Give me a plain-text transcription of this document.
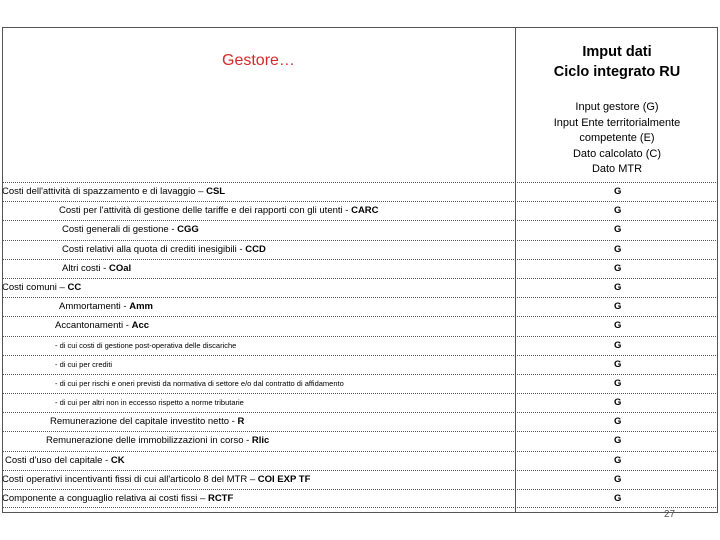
Gestore…	Imput dati
Ciclo integrato RU
Input gestore (G)
Input Ente territorialmente
competente (E)
Dato calcolato (C)
Dato MTR
Costi dell'attività di spazzamento e di lavaggio – CSL	G
Costi per l'attività di gestione delle tariffe e dei rapporti con gli utenti - CARC	G
Costi generali di gestione - CGG	G
Costi relativi alla quota di crediti inesigibili - CCD	G
Altri costi - COal	G
Costi comuni – CC	G
Ammortamenti - Amm	G
Accantonamenti - Acc	G
- di cui costi di gestione post-operativa delle discariche	G
- di cui per crediti	G
- di cui per rischi e oneri previsti da normativa di settore e/o dal contratto di affidamento	G
- di cui per altri non in eccesso rispetto a norme tributarie	G
Remunerazione del capitale investito netto - R	G
Remunerazione delle immobilizzazioni in corso - Rlic	G
Costi d'uso del capitale - CK	G
Costi operativi incentivanti fissi di cui all'articolo 8 del MTR – COI EXP TF	G
Componente a conguaglio relativa ai costi fissi – RCTF	G
27
